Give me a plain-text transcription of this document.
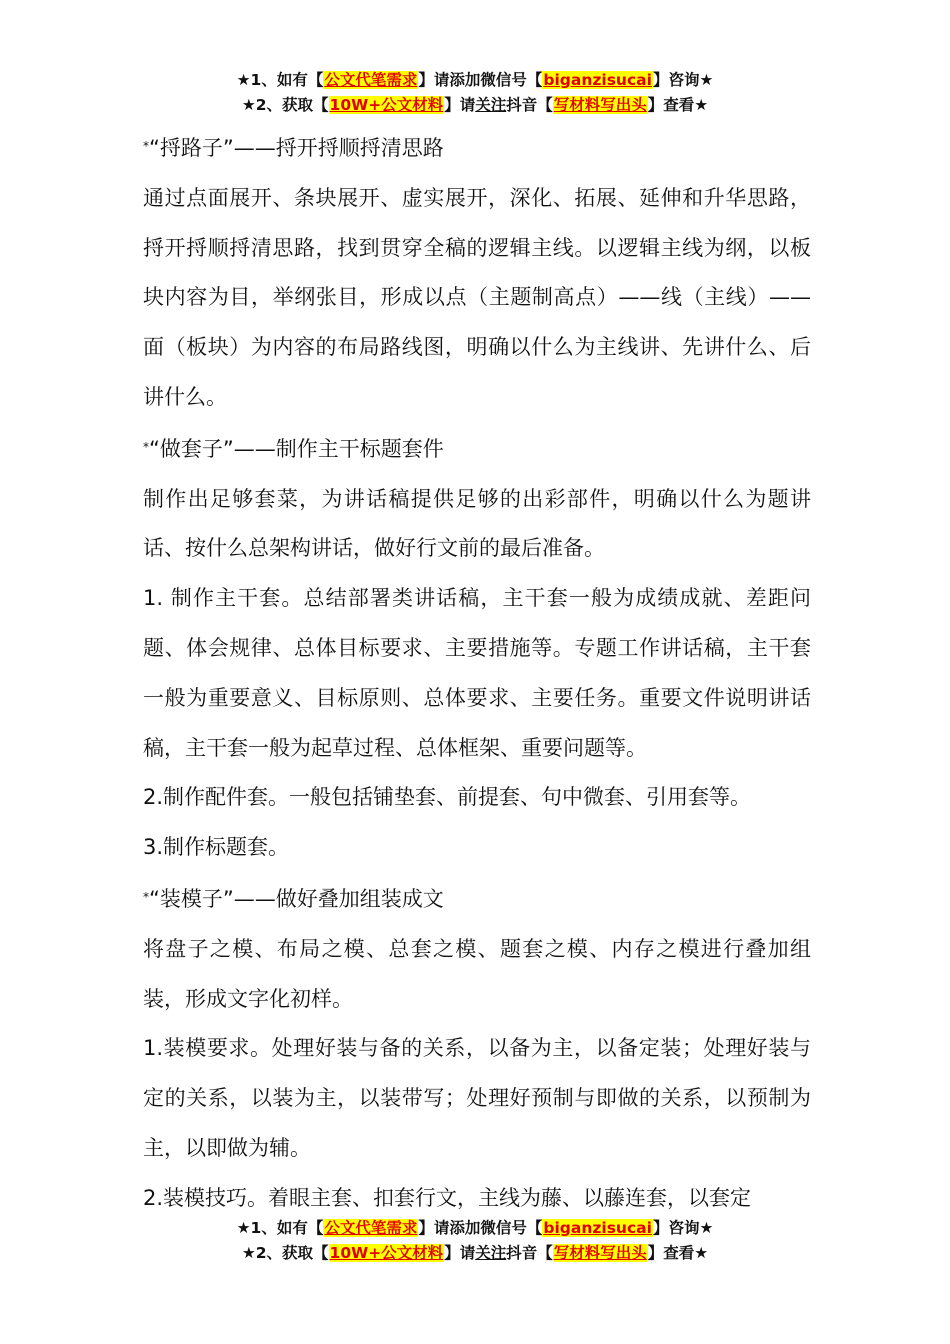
★1、如有【公文代笔需求】请添加微信号【biganzisucai】咨询★
★2、获取【10W+公文材料】请关注抖音【写材料写出头】查看★

*“捋路子”——捋开捋顺捋清思路

通过点面展开、条块展开、虚实展开，深化、拓展、延伸和升华思路，捋开捋顺捋清思路，找到贯穿全稿的逻辑主线。以逻辑主线为纲，以板块内容为目，举纲张目，形成以点（主题制高点）——线（主线）——面（板块）为内容的布局路线图，明确以什么为主线讲、先讲什么、后讲什么。

*“做套子”——制作主干标题套件

制作出足够套菜，为讲话稿提供足够的出彩部件，明确以什么为题讲话、按什么总架构讲话，做好行文前的最后准备。

1. 制作主干套。总结部署类讲话稿，主干套一般为成绩成就、差距问题、体会规律、总体目标要求、主要措施等。专题工作讲话稿，主干套一般为重要意义、目标原则、总体要求、主要任务。重要文件说明讲话稿，主干套一般为起草过程、总体框架、重要问题等。

2.制作配件套。一般包括铺垫套、前提套、句中微套、引用套等。

3.制作标题套。

*“装模子”——做好叠加组装成文

将盘子之模、布局之模、总套之模、题套之模、内存之模进行叠加组装，形成文字化初样。

1.装模要求。处理好装与备的关系，以备为主，以备定装；处理好装与定的关系，以装为主，以装带写；处理好预制与即做的关系，以预制为主，以即做为辅。

2.装模技巧。着眼主套、扣套行文，主线为藤、以藤连套，以套定

★1、如有【公文代笔需求】请添加微信号【biganzisucai】咨询★
★2、获取【10W+公文材料】请关注抖音【写材料写出头】查看★
